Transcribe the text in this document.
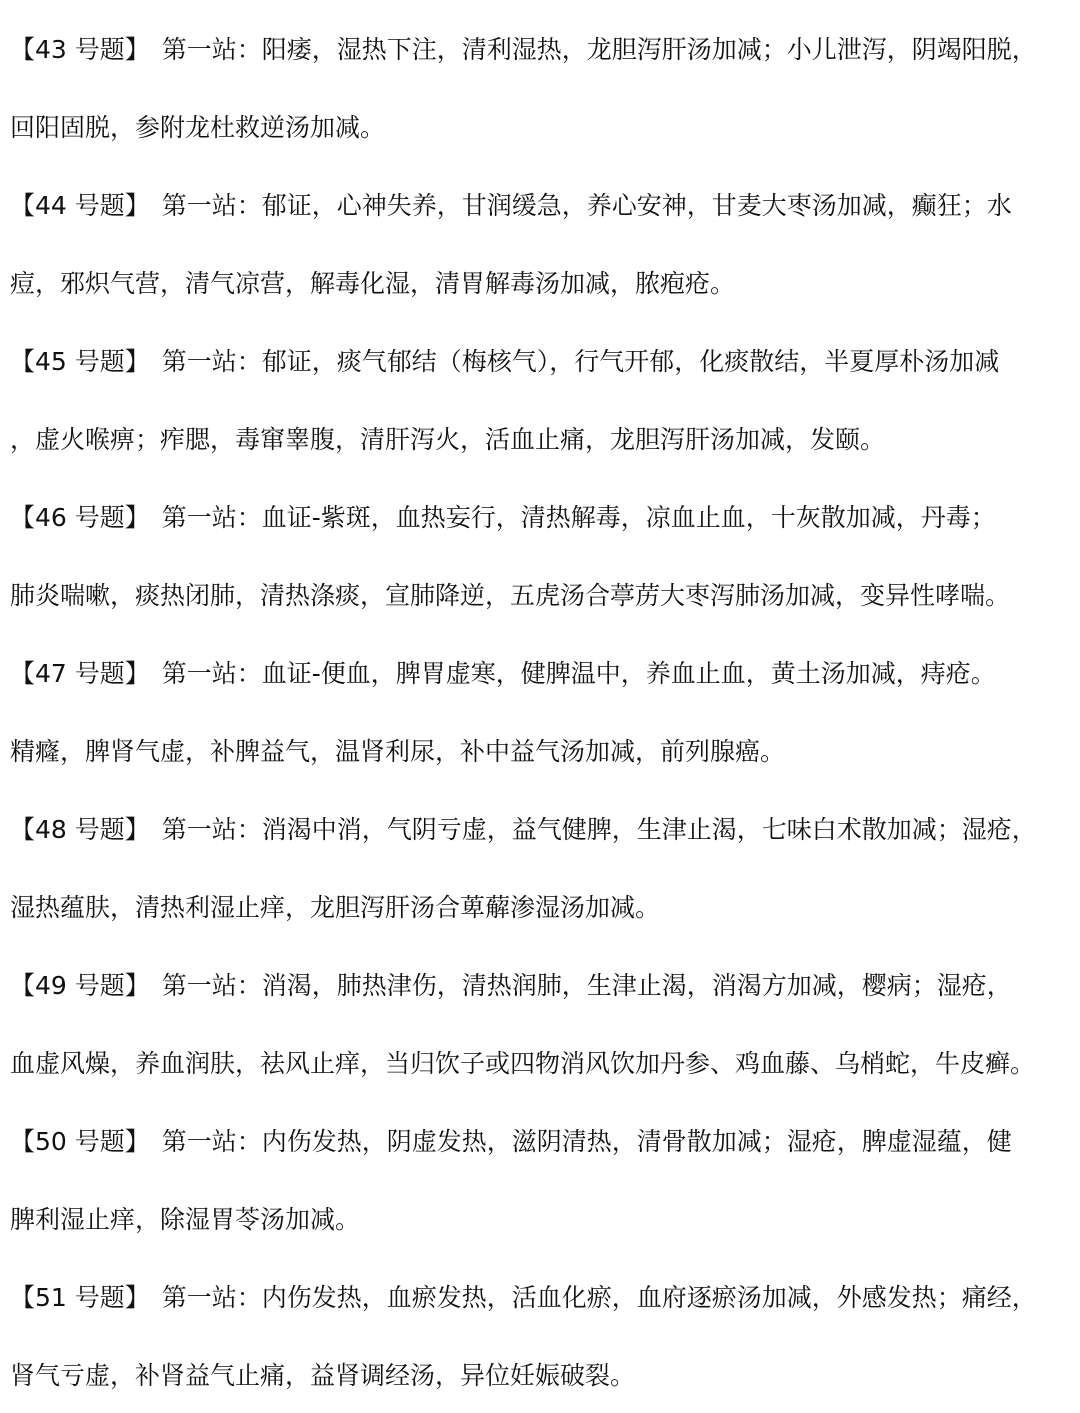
【43 号题】 第一站：阳痿，湿热下注，清利湿热，龙胆泻肝汤加减；小儿泄泻，阴竭阳脱，
回阳固脱，参附龙杜救逆汤加减。
【44 号题】 第一站：郁证，心神失养，甘润缓急，养心安神，甘麦大枣汤加减，癫狂；水
痘，邪炽气营，清气凉营，解毒化湿，清胃解毒汤加减，脓疱疮。
【45 号题】 第一站：郁证，痰气郁结（梅核气），行气开郁，化痰散结，半夏厚朴汤加减
，虚火喉痹；痄腮，毒窜睾腹，清肝泻火，活血止痛，龙胆泻肝汤加减，发颐。
【46 号题】 第一站：血证-紫斑，血热妄行，清热解毒，凉血止血，十灰散加减，丹毒；
肺炎喘嗽，痰热闭肺，清热涤痰，宣肺降逆，五虎汤合葶苈大枣泻肺汤加减，变异性哮喘。
【47 号题】 第一站：血证-便血，脾胃虚寒，健脾温中，养血止血，黄土汤加减，痔疮。
精癃，脾肾气虚，补脾益气，温肾利尿，补中益气汤加减，前列腺癌。
【48 号题】 第一站：消渴中消，气阴亏虚，益气健脾，生津止渴，七味白术散加减；湿疮，
湿热蕴肤，清热利湿止痒，龙胆泻肝汤合萆薢渗湿汤加减。
【49 号题】 第一站：消渴，肺热津伤，清热润肺，生津止渴，消渴方加减，樱病；湿疮，
血虚风燥，养血润肤，祛风止痒，当归饮子或四物消风饮加丹参、鸡血藤、乌梢蛇，牛皮癣。
【50 号题】 第一站：内伤发热，阴虚发热，滋阴清热，清骨散加减；湿疮，脾虚湿蕴，健
脾利湿止痒，除湿胃苓汤加减。
【51 号题】 第一站：内伤发热，血瘀发热，活血化瘀，血府逐瘀汤加减，外感发热；痛经，
肾气亏虚，补肾益气止痛，益肾调经汤，异位妊娠破裂。
